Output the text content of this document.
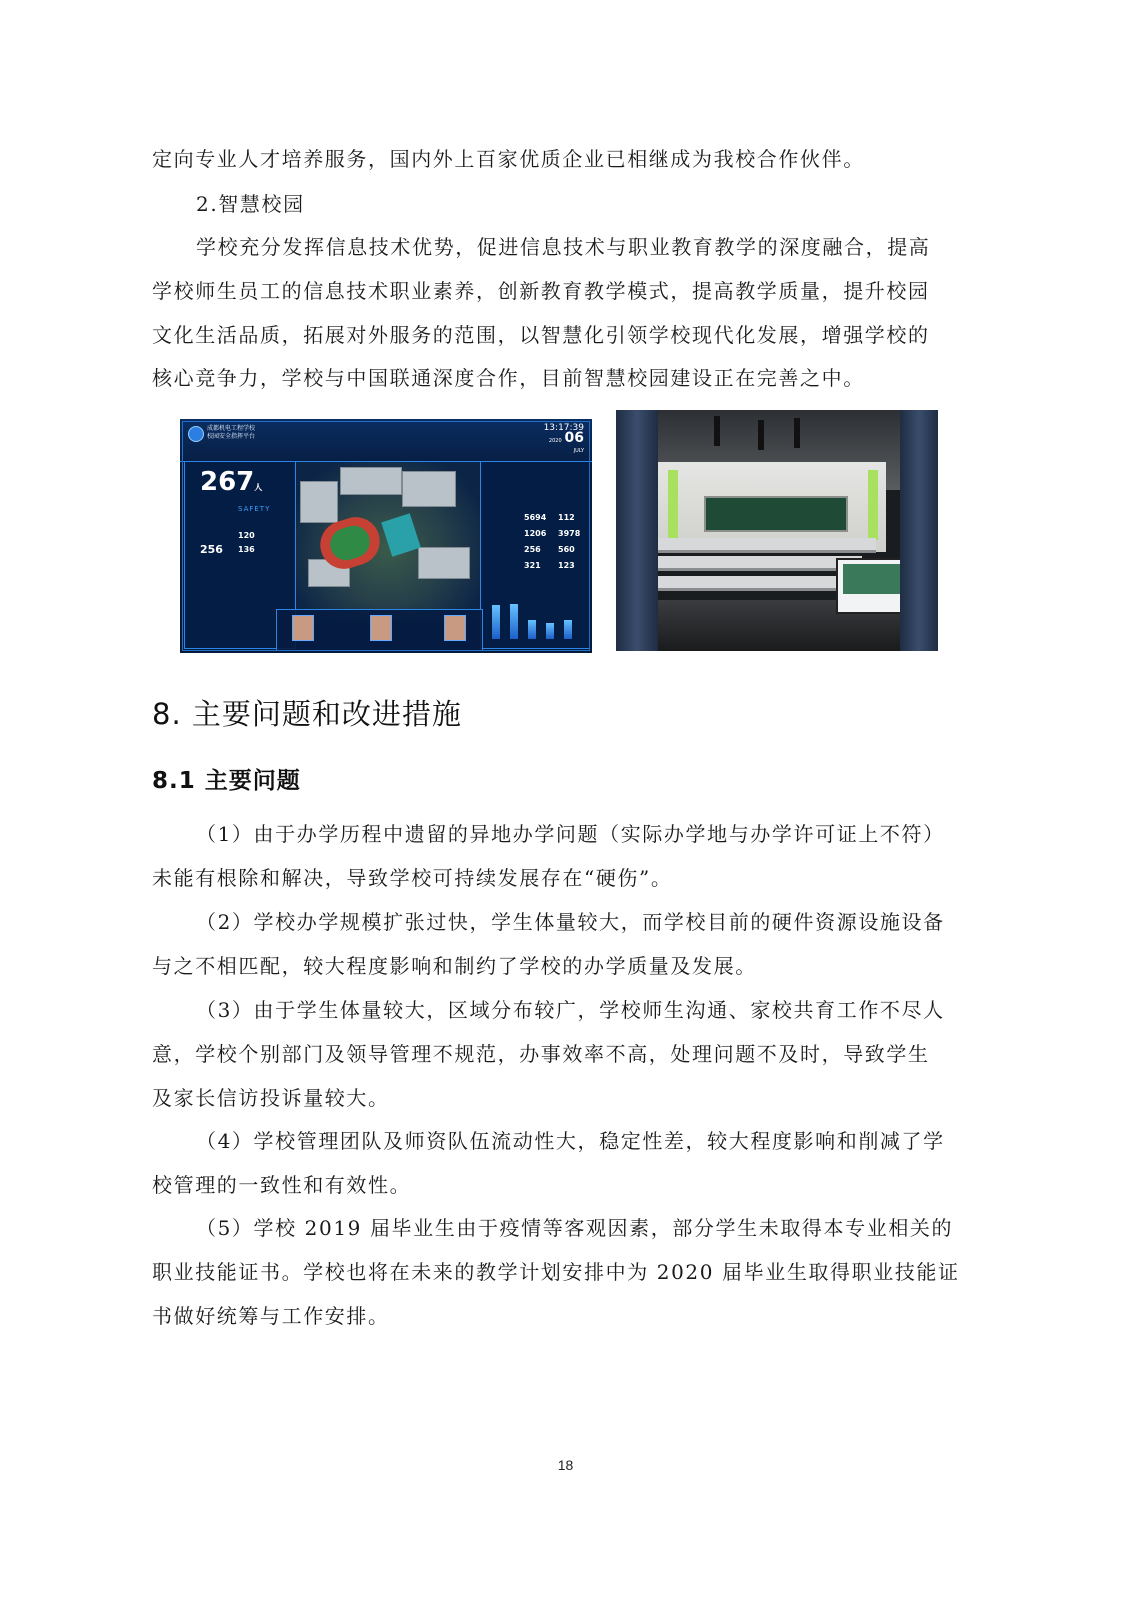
定向专业人才培养服务，国内外上百家优质企业已相继成为我校合作伙伴。

2.智慧校园

学校充分发挥信息技术优势，促进信息技术与职业教育教学的深度融合，提高

学校师生员工的信息技术职业素养，创新教育教学模式，提高教学质量，提升校园

文化生活品质，拓展对外服务的范围，以智慧化引领学校现代化发展，增强学校的

核心竞争力，学校与中国联通深度合作，目前智慧校园建设正在完善之中。

成都机电工程学校
校园安全指挥平台
13:17:39
2020 06
JULY
267人
SAFETY
256
120
136
5694 112
1206 3978
256 560
321 123
8. 主要问题和改进措施
8.1 主要问题

（1）由于办学历程中遗留的异地办学问题（实际办学地与办学许可证上不符）

未能有根除和解决，导致学校可持续发展存在“硬伤”。

（2）学校办学规模扩张过快，学生体量较大，而学校目前的硬件资源设施设备

与之不相匹配，较大程度影响和制约了学校的办学质量及发展。

（3）由于学生体量较大，区域分布较广，学校师生沟通、家校共育工作不尽人

意，学校个别部门及领导管理不规范，办事效率不高，处理问题不及时，导致学生

及家长信访投诉量较大。

（4）学校管理团队及师资队伍流动性大，稳定性差，较大程度影响和削减了学

校管理的一致性和有效性。

（5）学校 2019 届毕业生由于疫情等客观因素，部分学生未取得本专业相关的

职业技能证书。学校也将在未来的教学计划安排中为 2020 届毕业生取得职业技能证

书做好统筹与工作安排。

18
